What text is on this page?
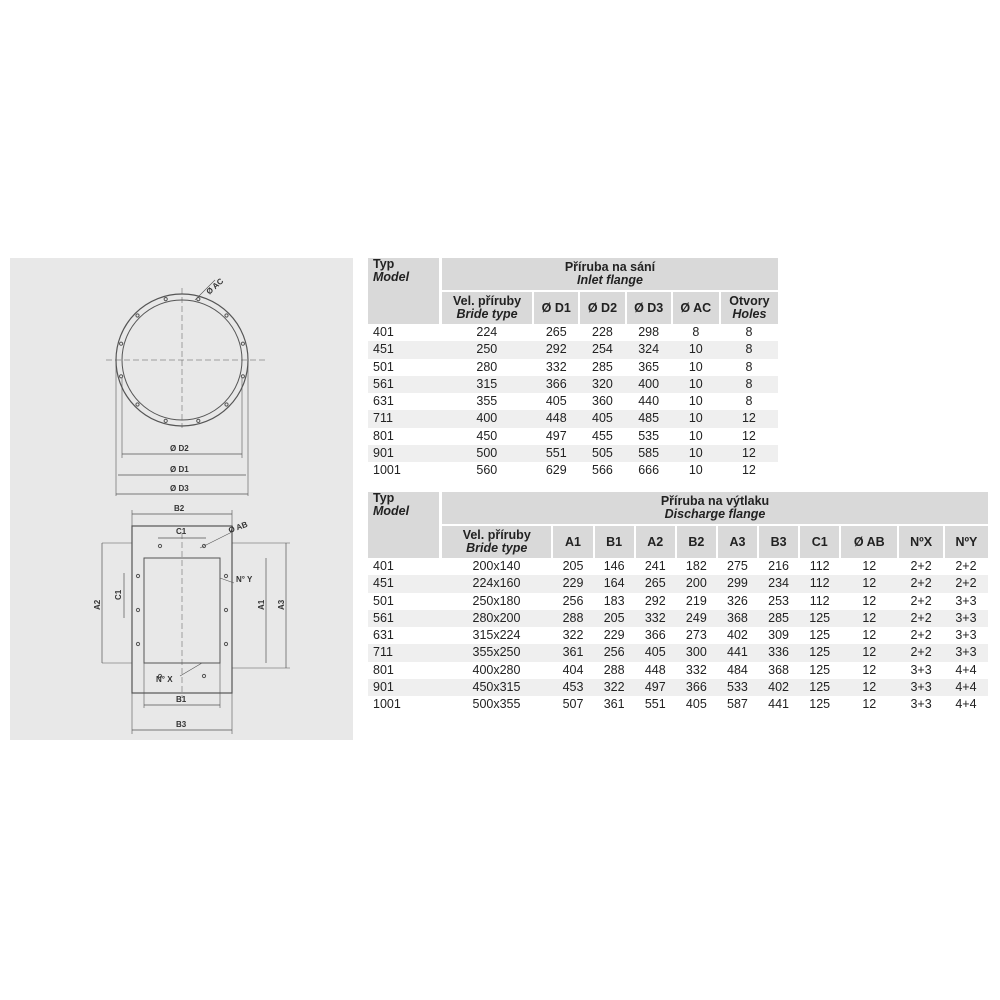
Ø AC
Ø D2
Ø D1
Ø D3
B2
C1	Ø AB
N° Y
A2
C1
A1 A3
N° X
B1
B3
Typ
Model	Příruba na sání
Inlet flange					

	Vel. příruby
Bride type	Ø D1	Ø D2	Ø D3	Ø AC	Otvory
Holes

401	224	265	228	298	8	8
451	250	292	254	324	10	8
501	280	332	285	365	10	8
561	315	366	320	400	10	8
631	355	405	360	440	10	8
711	400	448	405	485	10	12
801	450	497	455	535	10	12
901	500	551	505	585	10	12
1001	560	629	566	666	10	12
Typ
Model	Příruba na výtlaku
Discharge flange										

	Vel. příruby
Bride type	A1	B1	A2	B2	A3	B3	C1	Ø AB	NºX	NºY
401	200x140	205	146	241	182	275	216	112	12	2+2	2+2
451	224x160	229	164	265	200	299	234	112	12	2+2	2+2
501	250x180	256	183	292	219	326	253	112	12	2+2	3+3
561	280x200	288	205	332	249	368	285	125	12	2+2	3+3
631	315x224	322	229	366	273	402	309	125	12	2+2	3+3
711	355x250	361	256	405	300	441	336	125	12	2+2	3+3
801	400x280	404	288	448	332	484	368	125	12	3+3	4+4
901	450x315	453	322	497	366	533	402	125	12	3+3	4+4
1001	500x355	507	361	551	405	587	441	125	12	3+3	4+4
